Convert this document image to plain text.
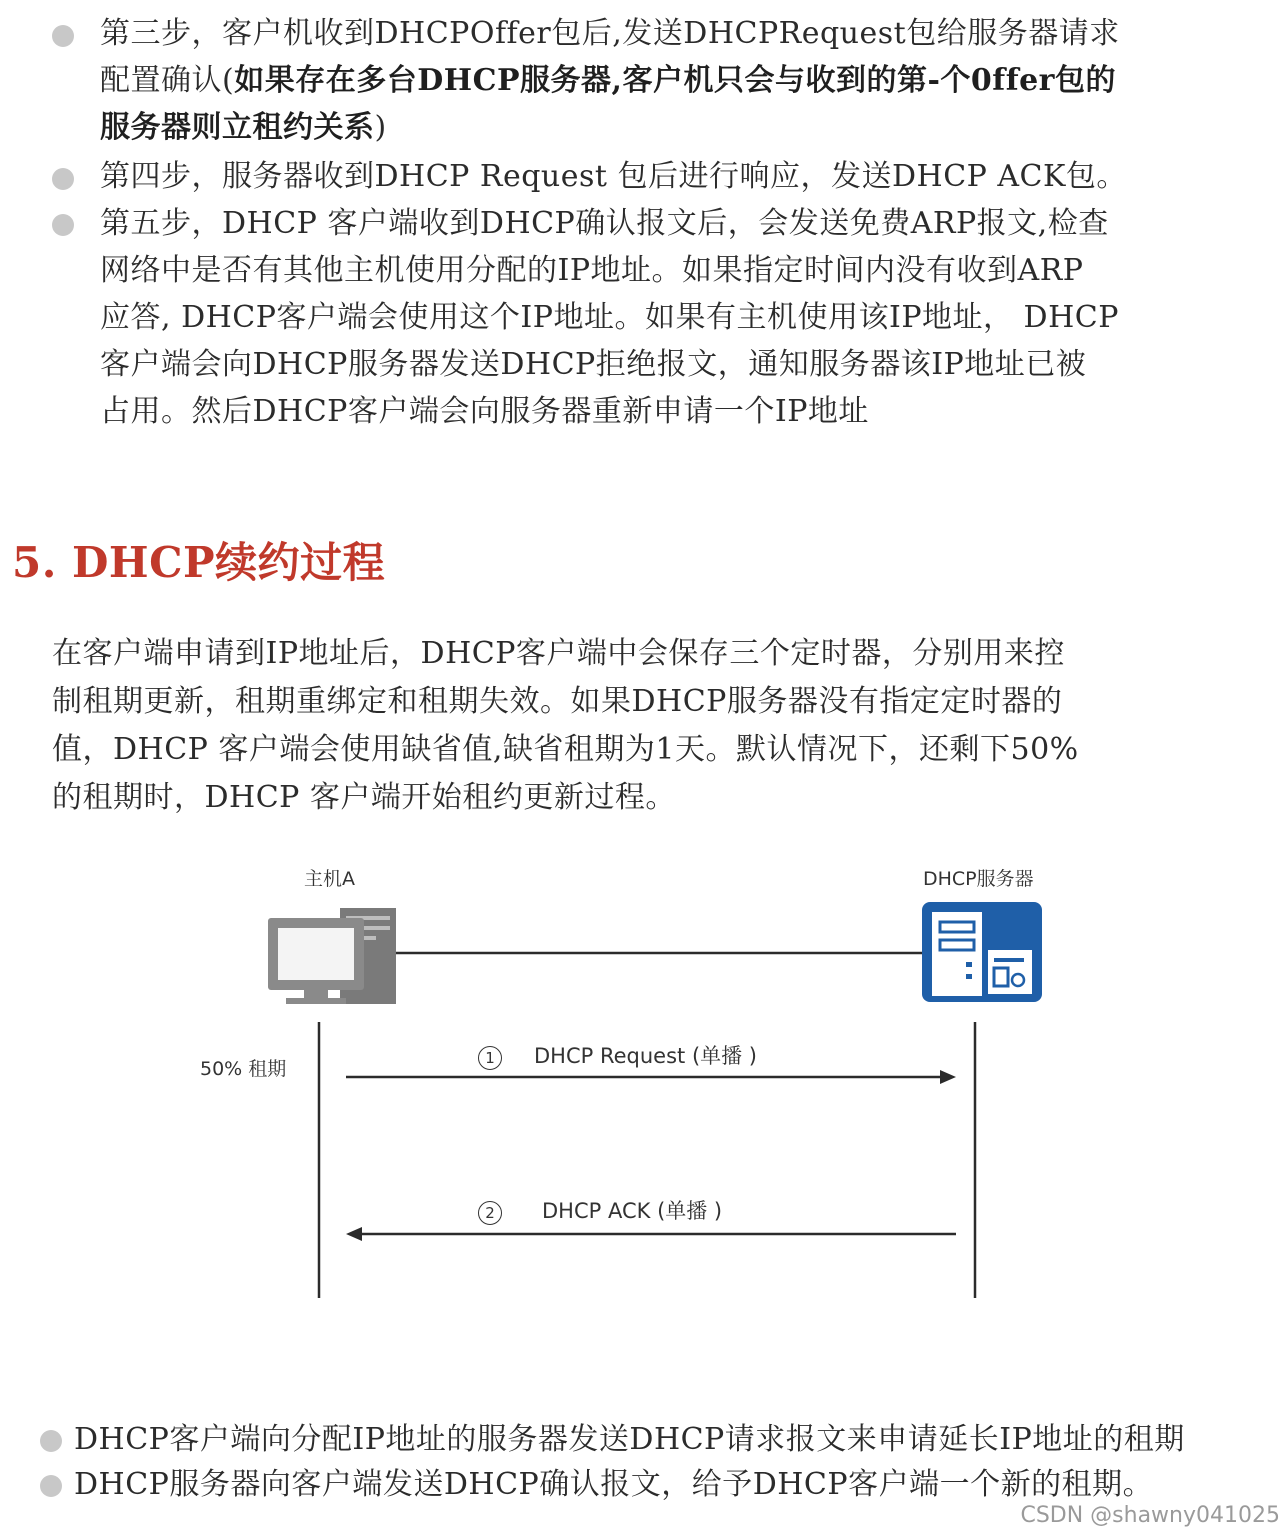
第三步，客户机收到DHCPOffer包后,发送DHCPRequest包给服务器请求
配置确认(如果存在多台DHCP服务器,客户机只会与收到的第-个0ffer包的
服务器则立租约关系)
第四步，服务器收到DHCP Request 包后进行响应，发送DHCP ACK包。
第五步，DHCP 客户端收到DHCP确认报文后，会发送免费ARP报文,检查
网络中是否有其他主机使用分配的IP地址。如果指定时间内没有收到ARP
应答, DHCP客户端会使用这个IP地址。如果有主机使用该IP地址， DHCP
客户端会向DHCP服务器发送DHCP拒绝报文，通知服务器该IP地址已被
占用。然后DHCP客户端会向服务器重新申请一个IP地址
5. DHCP续约过程
在客户端申请到IP地址后，DHCP客户端中会保存三个定时器，分别用来控
制租期更新，租期重绑定和租期失效。如果DHCP服务器没有指定定时器的
值，DHCP 客户端会使用缺省值,缺省租期为1天。默认情况下，还剩下50%
的租期时，DHCP 客户端开始租约更新过程。
主机A	DHCP服务器
50% 租期	1	DHCP Request (单播 )
2	DHCP ACK (单播 )
DHCP客户端向分配IP地址的服务器发送DHCP请求报文来申请延长IP地址的租期
DHCP服务器向客户端发送DHCP确认报文，给予DHCP客户端一个新的租期。
CSDN @shawny041025
